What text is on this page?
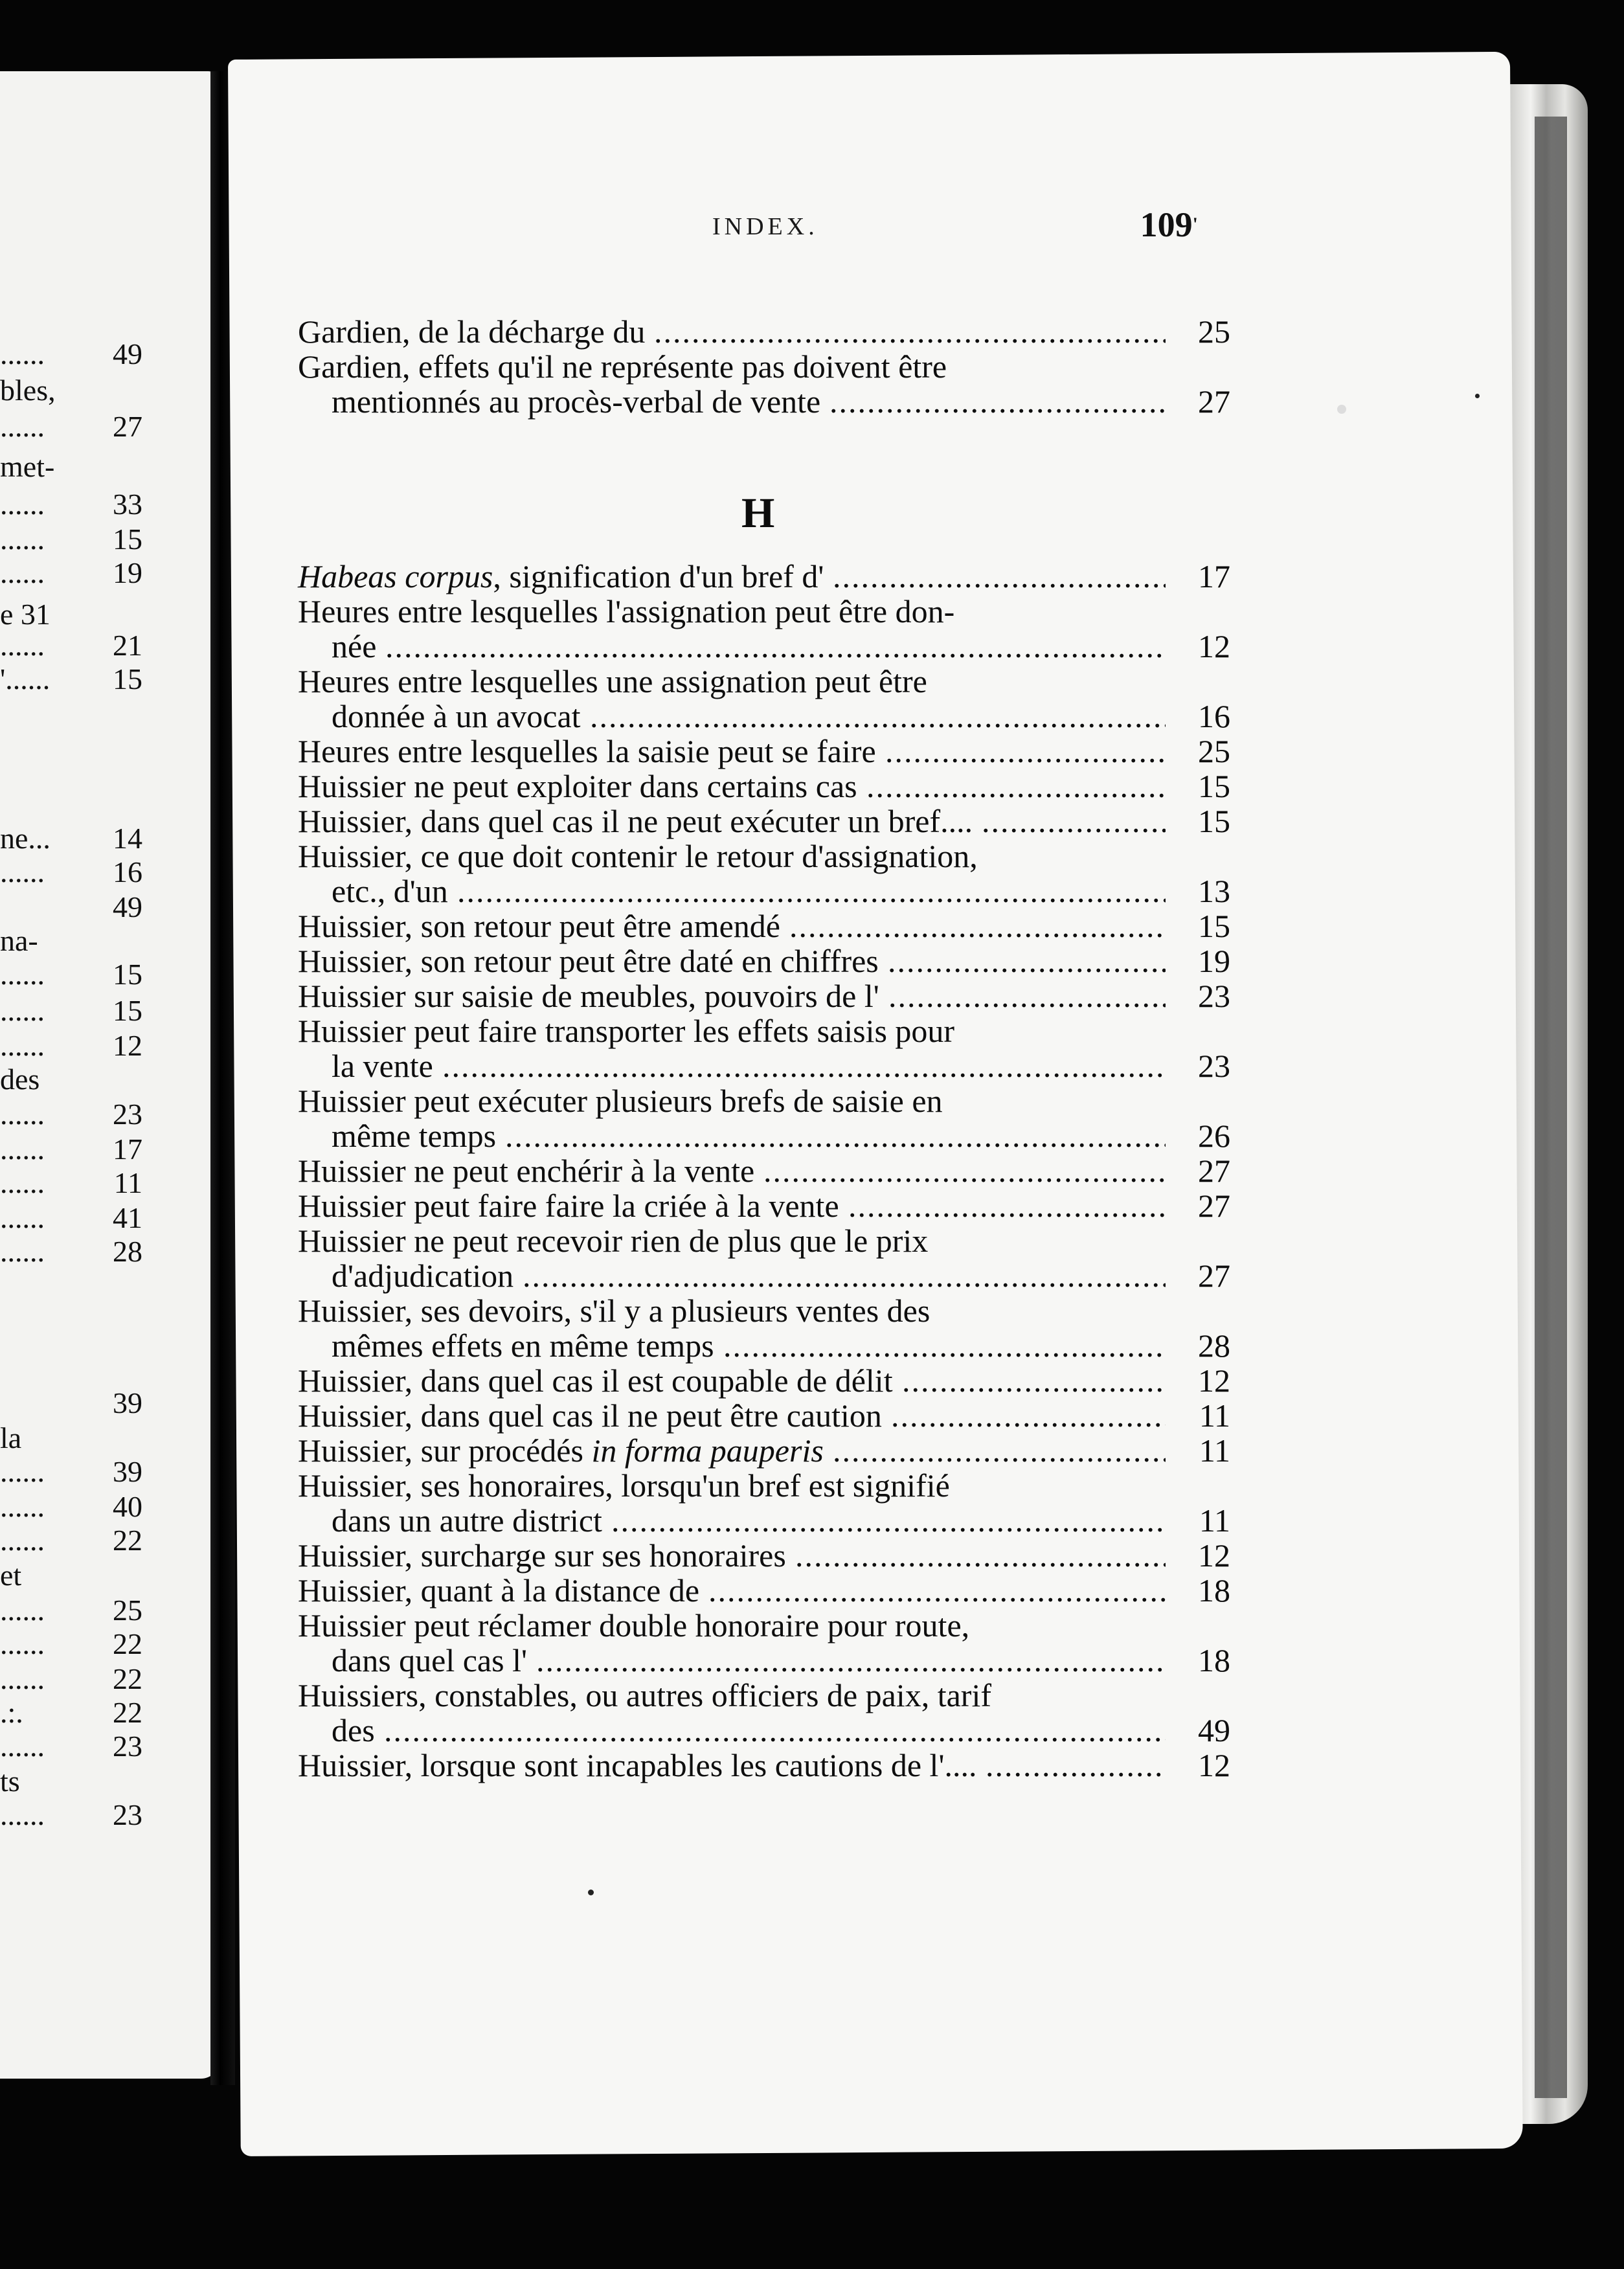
...... 49
bles,
...... 27
met-
...... 33
...... 15
...... 19
e 31
...... 21
'...... 15
ne... 14
...... 16
49
na-
...... 15
...... 15
...... 12
des
...... 23
...... 17
...... 11
...... 41
...... 28
39
la
...... 39
...... 40
...... 22
et
...... 25
...... 22
...... 22
.:.	22
...... 23
ts
...... 23
INDEX.	109'
H
Gardien, de la décharge du .....	25
Gardien, effets qu'il ne représente pas doivent être
mentionnés au procès-verbal de vente .....	27
Habeas corpus, signification d'un bref d' .....	17
Heures entre lesquelles l'assignation peut être don-
née .....	12
Heures entre lesquelles une assignation peut être
donnée à un avocat .....	16
Heures entre lesquelles la saisie peut se faire .....	25
Huissier ne peut exploiter dans certains cas .....	15
Huissier, dans quel cas il ne peut exécuter un bref.... .....	15
Huissier, ce que doit contenir le retour d'assignation,
etc., d'un .....	13
Huissier, son retour peut être amendé .....	15
Huissier, son retour peut être daté en chiffres .....	19
Huissier sur saisie de meubles, pouvoirs de l' .....	23
Huissier peut faire transporter les effets saisis pour
la vente .....	23
Huissier peut exécuter plusieurs brefs de saisie en
même temps .....	26
Huissier ne peut enchérir à la vente .....	27
Huissier peut faire faire la criée à la vente .....	27
Huissier ne peut recevoir rien de plus que le prix
d'adjudication .....	27
Huissier, ses devoirs, s'il y a plusieurs ventes des
mêmes effets en même temps .....	28
Huissier, dans quel cas il est coupable de délit .....	12
Huissier, dans quel cas il ne peut être caution .....	11
Huissier, sur procédés in forma pauperis .....	11
Huissier, ses honoraires, lorsqu'un bref est signifié
dans un autre district .....	11
Huissier, surcharge sur ses honoraires .....	12
Huissier, quant à la distance de .....	18
Huissier peut réclamer double honoraire pour route,
dans quel cas l' .....	18
Huissiers, constables, ou autres officiers de paix, tarif
des .....	49
Huissier, lorsque sont incapables les cautions de l'.... .....	12
